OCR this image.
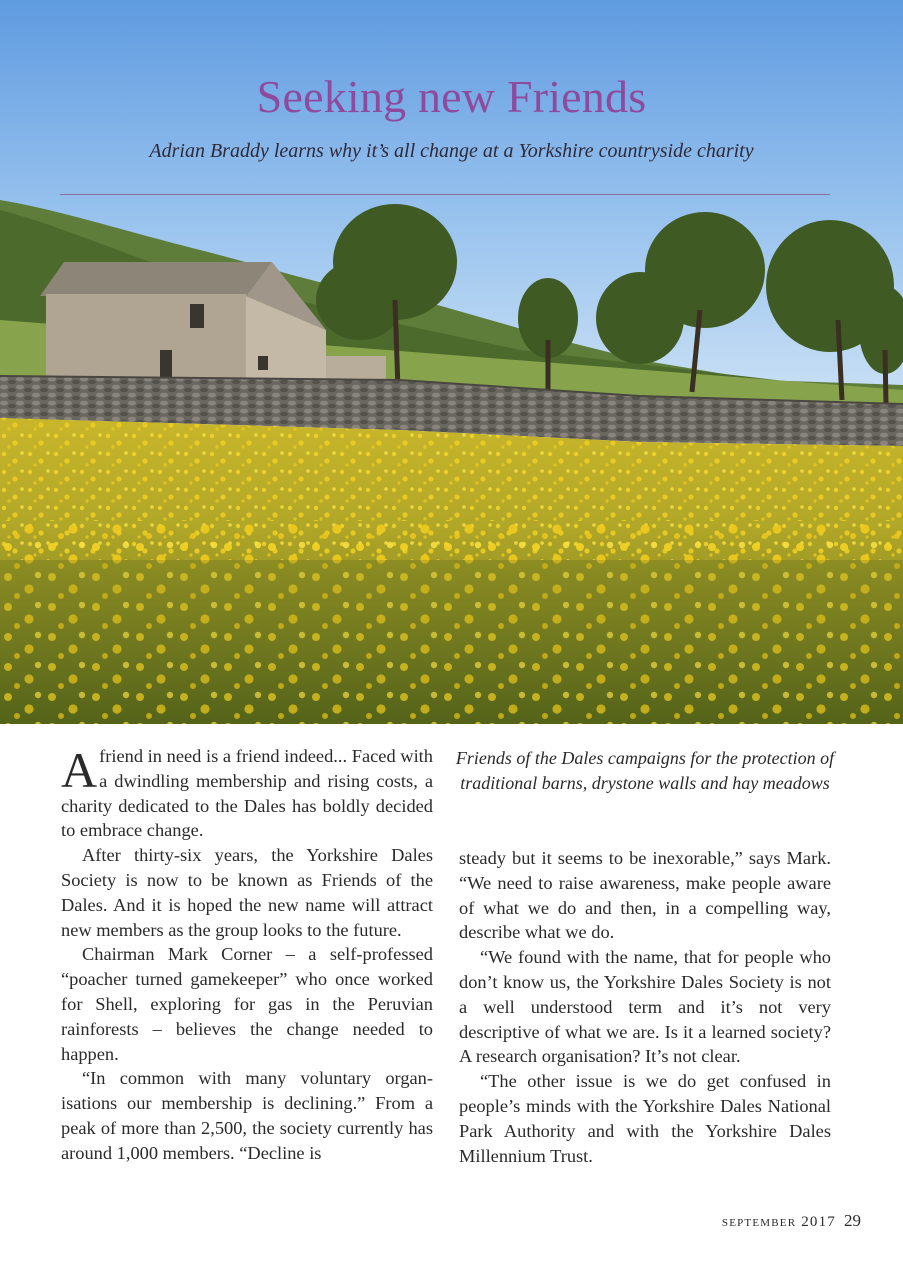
Seeking new Friends
Adrian Braddy learns why it’s all change at a Yorkshire countryside charity

Afriend in need is a friend indeed... Faced with a dwindling membership and rising costs, a charity dedicated to the Dales has boldly decided to embrace change.

After thirty-six years, the Yorkshire Dales Society is now to be known as Friends of the Dales. And it is hoped the new name will attract new members as the group looks to the future.

Chairman Mark Corner – a self-professed “poacher turned gamekeeper” who once worked for Shell, exploring for gas in the Peruvian rainforests – believes the change needed to happen.

“In common with many voluntary organisations our membership is declining.” From a peak of more than 2,500, the society currently has around 1,000 members. “Decline is

Friends of the Dales campaigns for the protection of traditional barns, drystone walls and hay meadows

steady but it seems to be inexorable,” says Mark. “We need to raise awareness, make people aware of what we do and then, in a compelling way, describe what we do.

“We found with the name, that for people who don’t know us, the Yorkshire Dales Society is not a well understood term and it’s not very descriptive of what we are. Is it a learned society? A research organisation? It’s not clear.

“The other issue is we do get confused in people’s minds with the Yorkshire Dales National Park Authority and with the Yorkshire Dales Millennium Trust.

september 2017 29
